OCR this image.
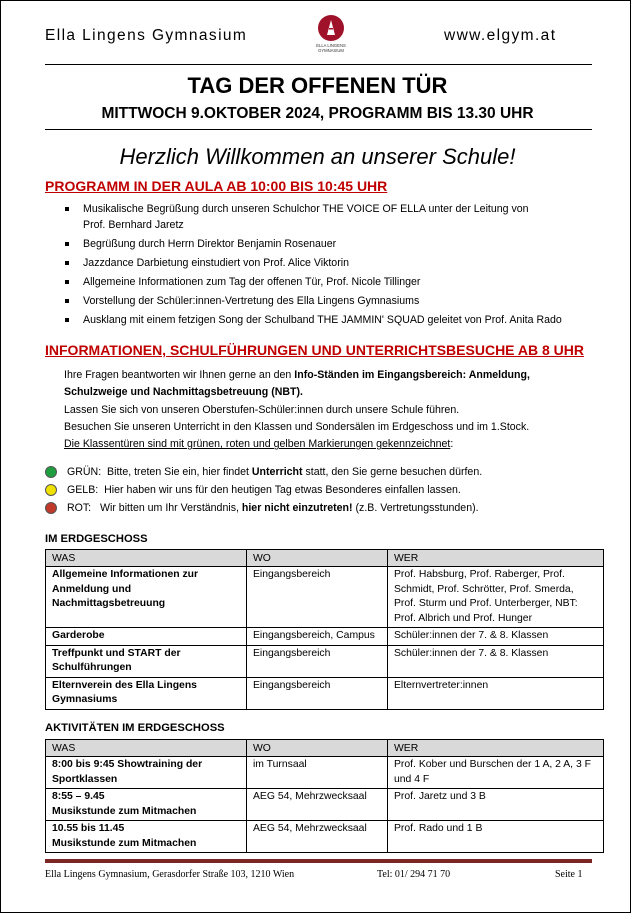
Ella Lingens Gymnasium
ELLA LINGENS GYMNASIUM
www.elgym.at
TAG DER OFFENEN TÜR
MITTWOCH 9.OKTOBER 2024, PROGRAMM BIS 13.30 UHR
Herzlich Willkommen an unserer Schule!
PROGRAMM IN DER AULA AB 10:00 BIS 10:45 UHR
Musikalische Begrüßung durch unseren Schulchor THE VOICE OF ELLA unter der Leitung von
Prof. Bernhard Jaretz
Begrüßung durch Herrn Direktor Benjamin Rosenauer
Jazzdance Darbietung einstudiert von Prof. Alice Viktorin
Allgemeine Informationen zum Tag der offenen Tür, Prof. Nicole Tillinger
Vorstellung der Schüler:innen-Vertretung des Ella Lingens Gymnasiums
Ausklang mit einem fetzigen Song der Schulband THE JAMMIN' SQUAD geleitet von Prof. Anita Rado
INFORMATIONEN, SCHULFÜHRUNGEN UND UNTERRICHTSBESUCHE AB 8 UHR
Ihre Fragen beantworten wir Ihnen gerne an den Info-Ständen im Eingangsbereich: Anmeldung, Schulzweige und Nachmittagsbetreuung (NBT).
Lassen Sie sich von unseren Oberstufen-Schüler:innen durch unsere Schule führen.
Besuchen Sie unseren Unterricht in den Klassen und Sondersälen im Erdgeschoss und im 1.Stock.
Die Klassentüren sind mit grünen, roten und gelben Markierungen gekennzeichnet:
GRÜN: Bitte, treten Sie ein, hier findet Unterricht statt, den Sie gerne besuchen dürfen.
GELB: Hier haben wir uns für den heutigen Tag etwas Besonderes einfallen lassen.
ROT: Wir bitten um Ihr Verständnis, hier nicht einzutreten! (z.B. Vertretungsstunden).
IM ERDGESCHOSS
WAS	WO	WER
Allgemeine Informationen zur Anmeldung und Nachmittagsbetreuung	Eingangsbereich	Prof. Habsburg, Prof. Raberger, Prof. Schmidt, Prof. Schrötter, Prof. Smerda, Prof. Sturm und Prof. Unterberger, NBT: Prof. Albrich und Prof. Hunger
Garderobe	Eingangsbereich, Campus	Schüler:innen der 7. & 8. Klassen
Treffpunkt und START der Schulführungen	Eingangsbereich	Schüler:innen der 7. & 8. Klassen
Elternverein des Ella Lingens Gymnasiums	Eingangsbereich	Elternvertreter:innen
AKTIVITÄTEN IM ERDGESCHOSS
WAS	WO	WER
8:00 bis 9:45 Showtraining der Sportklassen	im Turnsaal	Prof. Kober und Burschen der 1 A, 2 A, 3 F und 4 F
8:55 – 9.45
Musikstunde zum Mitmachen	AEG 54, Mehrzwecksaal	Prof. Jaretz und 3 B
10.55 bis 11.45
Musikstunde zum Mitmachen	AEG 54, Mehrzwecksaal	Prof. Rado und 1 B
Ella Lingens Gymnasium, Gerasdorfer Straße 103, 1210 Wien	Tel: 01/ 294 71 70	Seite 1
